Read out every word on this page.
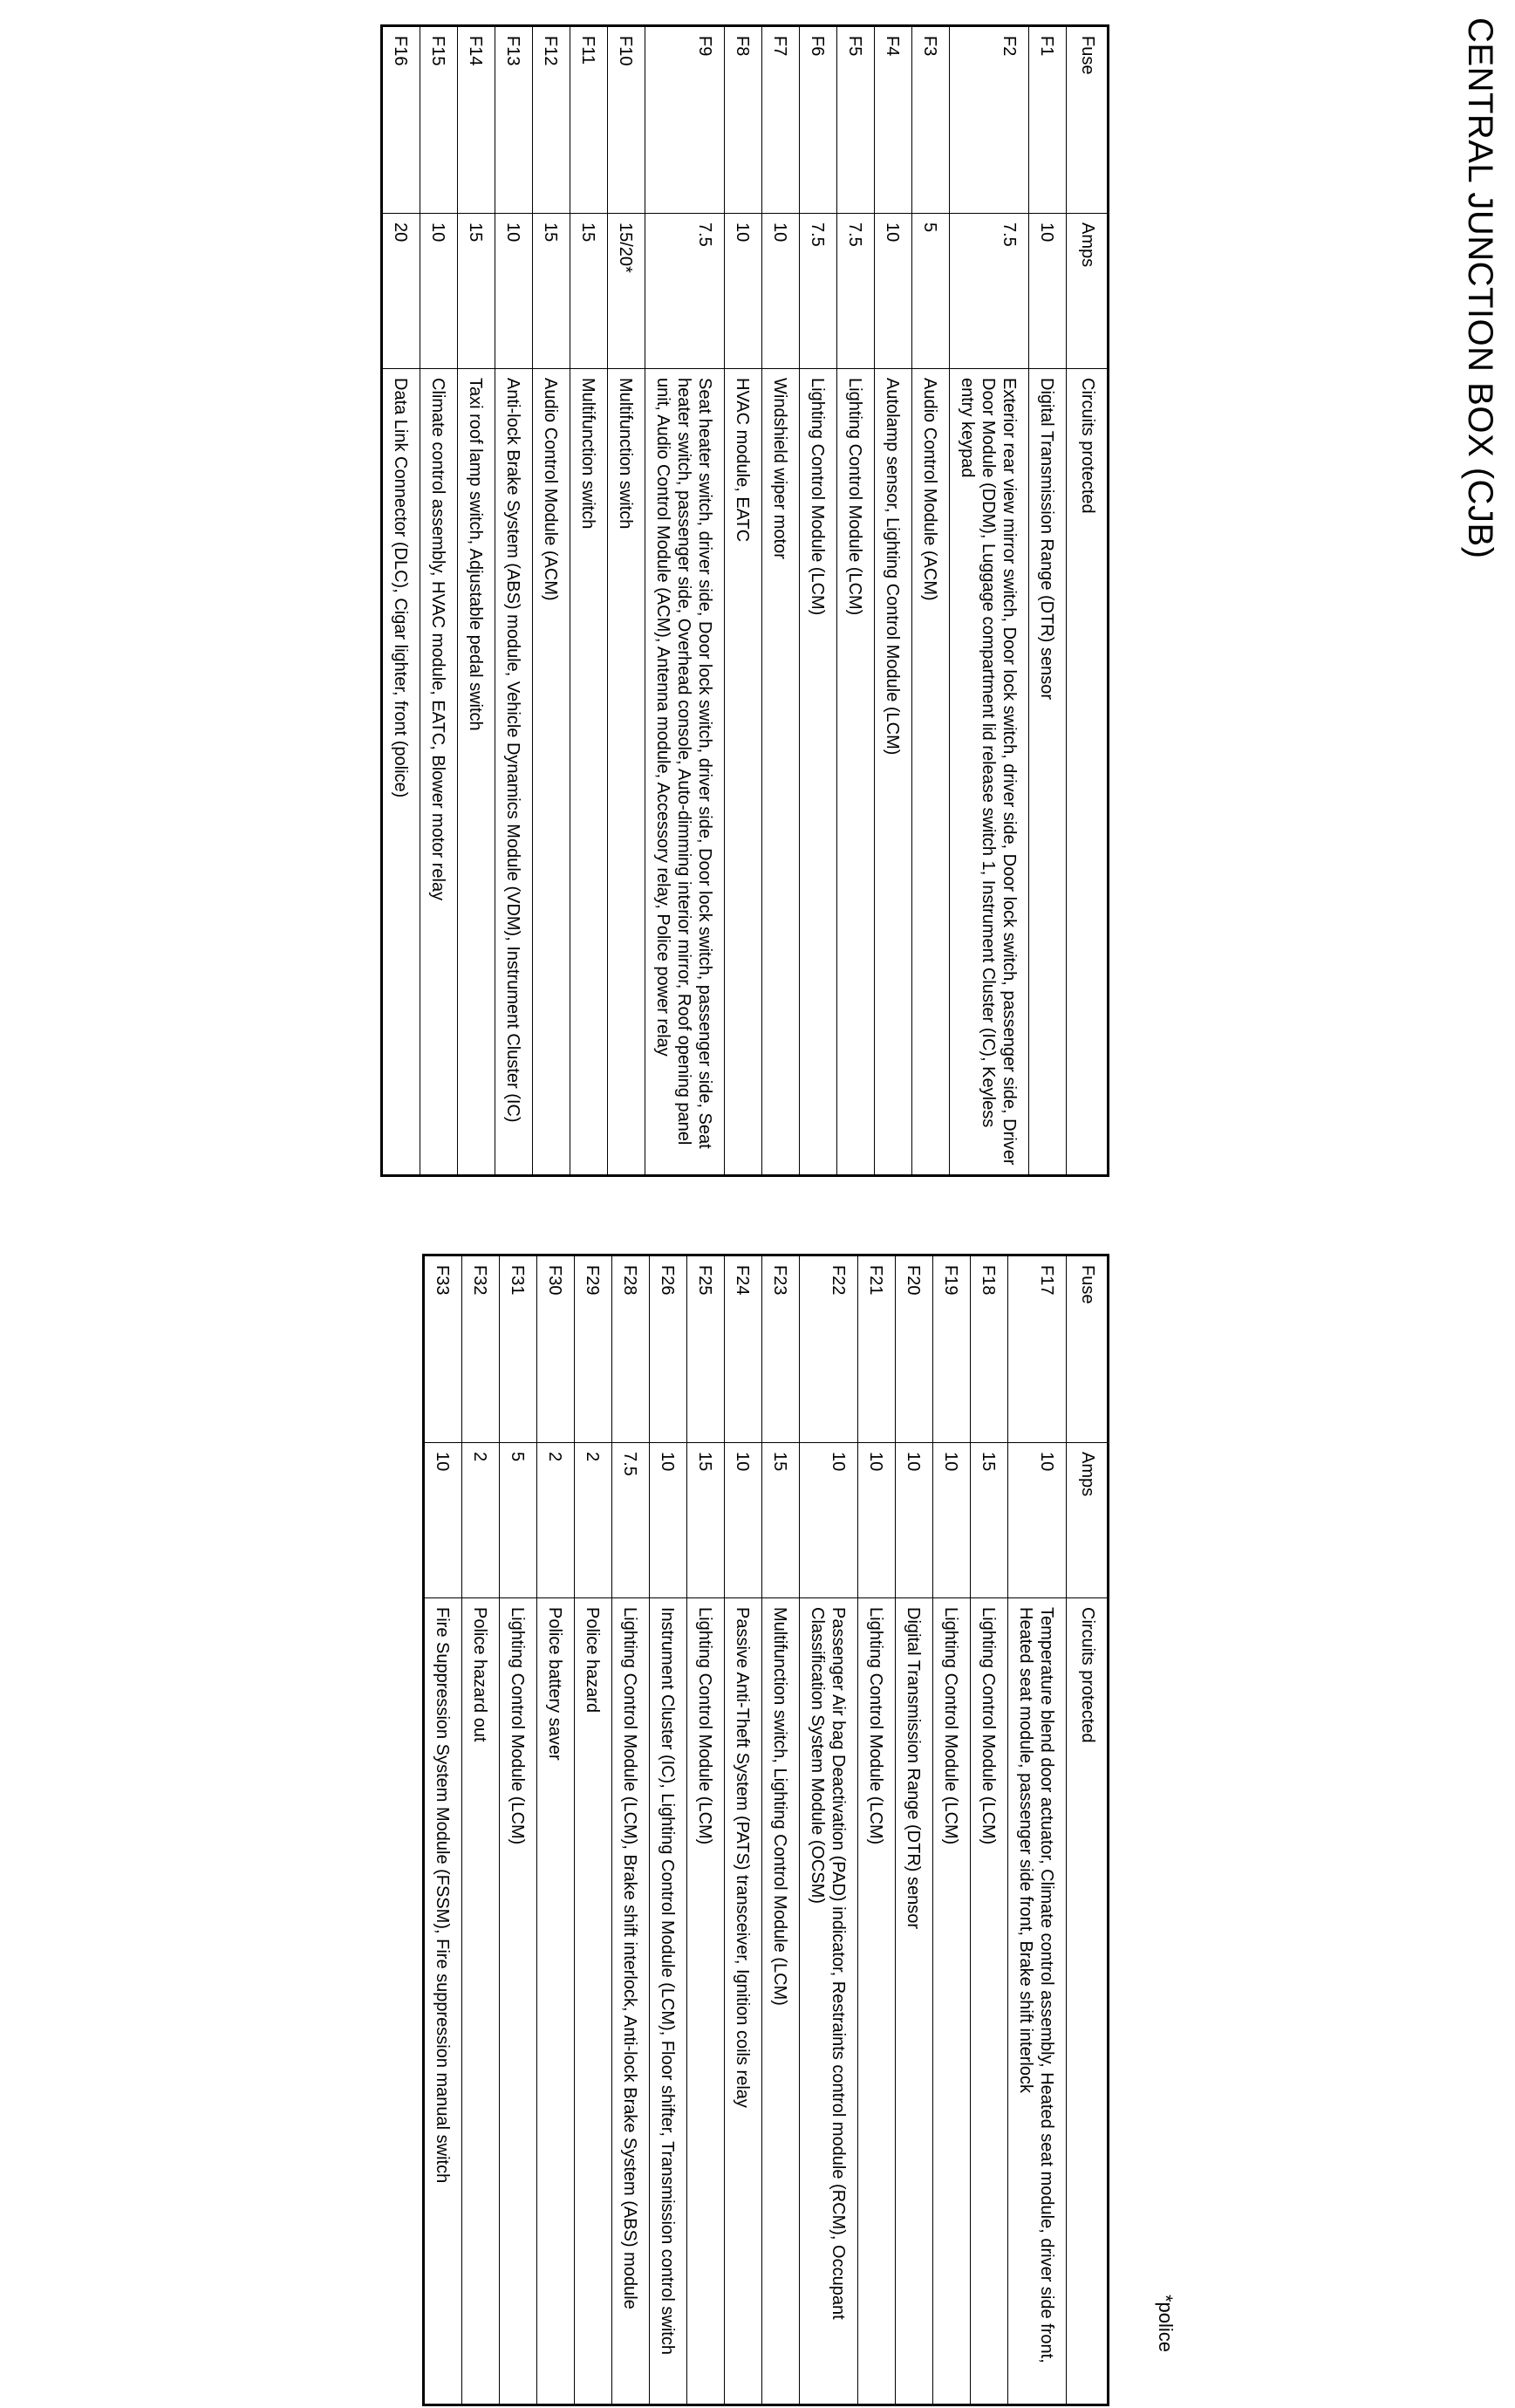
CENTRAL JUNCTION BOX (CJB)
*police
Fuse	Amps	Circuits protected
F1	10	Digital Transmission Range (DTR) sensor
F2	7.5	Exterior rear view mirror switch, Door lock switch, driver side, Door lock switch, passenger side, Driver Door Module (DDM), Luggage compartment lid release switch 1, Instrument Cluster (IC), Keyless entry keypad
F3	5	Audio Control Module (ACM)
F4	10	Autolamp sensor, Lighting Control Module (LCM)
F5	7.5	Lighting Control Module (LCM)
F6	7.5	Lighting Control Module (LCM)
F7	10	Windshield wiper motor
F8	10	HVAC module, EATC
F9	7.5	Seat heater switch, driver side, Door lock switch, driver side, Door lock switch, passenger side, Seat heater switch, passenger side, Overhead console, Auto-dimming interior mirror, Roof opening panel unit, Audio Control Module (ACM), Antenna module, Accessory relay, Police power relay
F10	15/20*	Multifunction switch
F11	15	Multifunction switch
F12	15	Audio Control Module (ACM)
F13	10	Anti-lock Brake System (ABS) module, Vehicle Dynamics Module (VDM), Instrument Cluster (IC)
F14	15	Taxi roof lamp switch, Adjustable pedal switch
F15	10	Climate control assembly, HVAC module, EATC, Blower motor relay
F16	20	Data Link Connector (DLC), Cigar lighter, front (police)
Fuse	Amps	Circuits protected
F17	10	Temperature blend door actuator, Climate control assembly, Heated seat module, driver side front, Heated seat module, passenger side front, Brake shift interlock
F18	15	Lighting Control Module (LCM)
F19	10	Lighting Control Module (LCM)
F20	10	Digital Transmission Range (DTR) sensor
F21	10	Lighting Control Module (LCM)
F22	10	Passenger Air bag Deactivation (PAD) indicator, Restraints control module (RCM), Occupant Classification System Module (OCSM)
F23	15	Multifunction switch, Lighting Control Module (LCM)
F24	10	Passive Anti-Theft System (PATS) transceiver, Ignition coils relay
F25	15	Lighting Control Module (LCM)
F26	10	Instrument Cluster (IC), Lighting Control Module (LCM), Floor shifter, Transmission control switch
F28	7.5	Lighting Control Module (LCM), Brake shift interlock, Anti-lock Brake System (ABS) module
F29	2	Police hazard
F30	2	Police battery saver
F31	5	Lighting Control Module (LCM)
F32	2	Police hazard out
F33	10	Fire Suppression System Module (FSSM), Fire suppression manual switch
